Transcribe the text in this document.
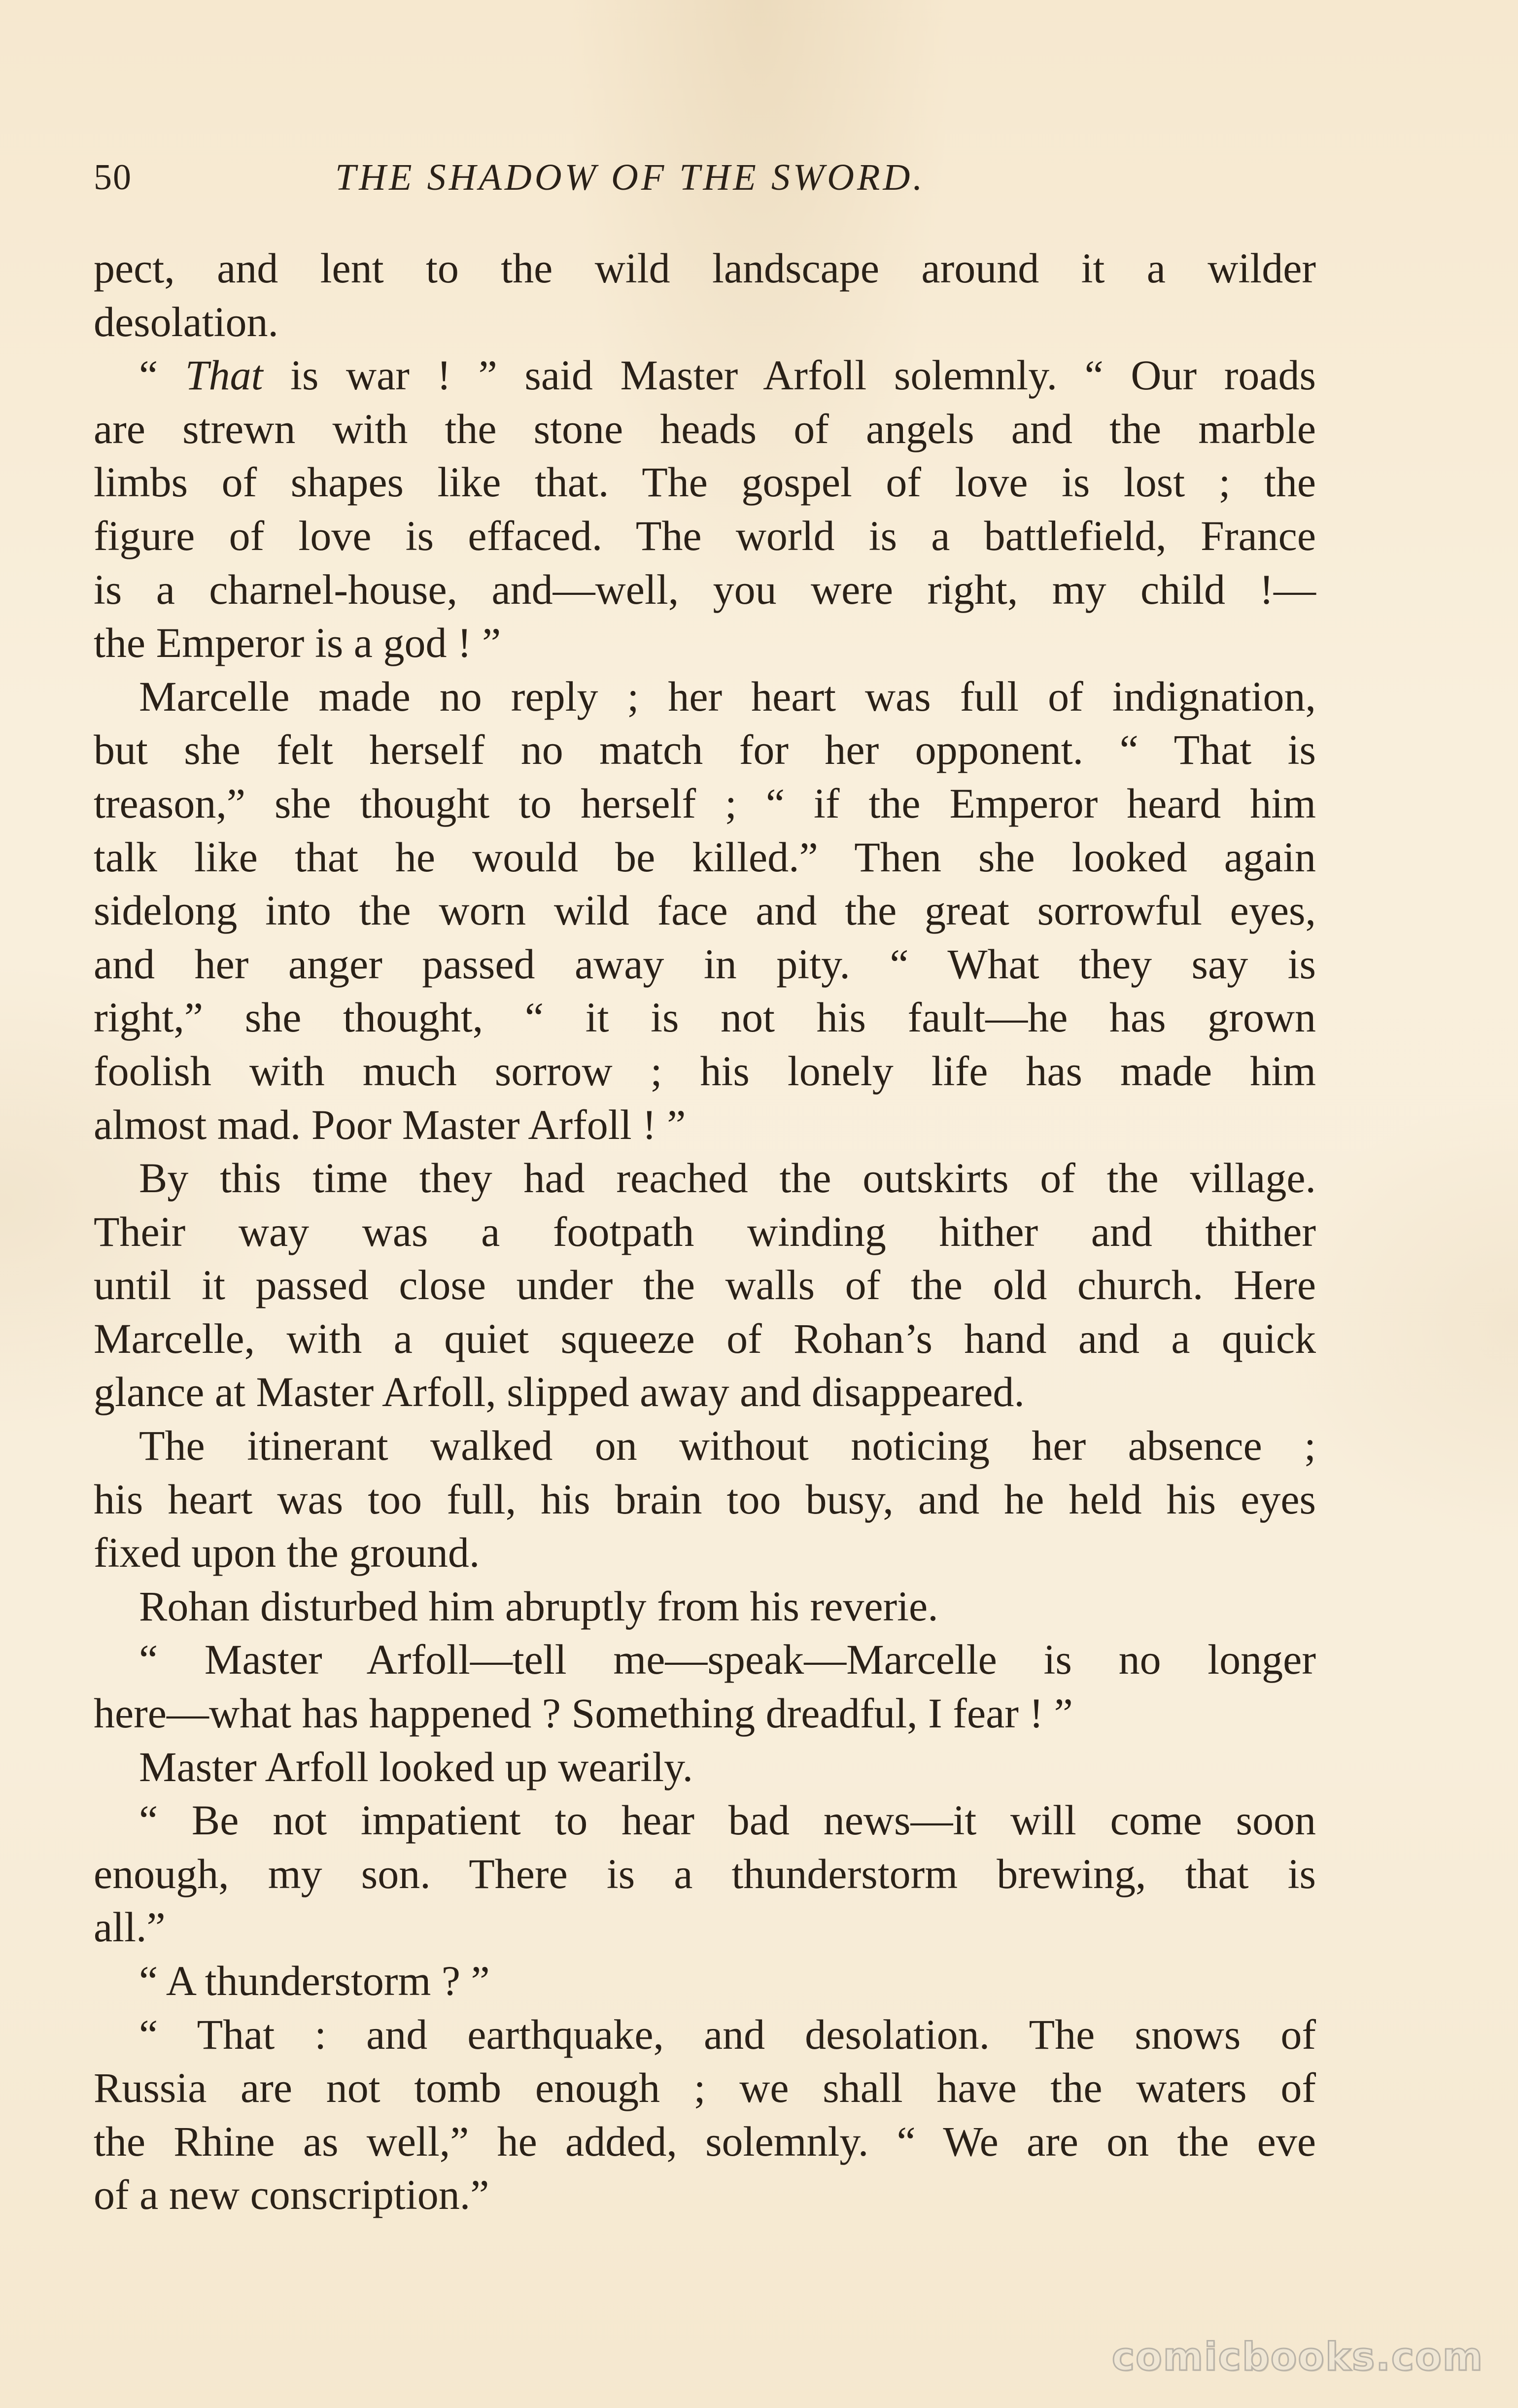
50	THE SHADOW OF THE SWORD.
pect, and lent to the wild landscape around it a wilder
desolation.
“ That is war ! ” said Master Arfoll solemnly. “ Our roads
are strewn with the stone heads of angels and the marble
limbs of shapes like that. The gospel of love is lost ; the
figure of love is effaced. The world is a battlefield, France
is a charnel-house, and—well, you were right, my child !—
the Emperor is a god ! ”
Marcelle made no reply ; her heart was full of indignation,
but she felt herself no match for her opponent. “ That is
treason,” she thought to herself ; “ if the Emperor heard him
talk like that he would be killed.” Then she looked again
sidelong into the worn wild face and the great sorrowful eyes,
and her anger passed away in pity. “ What they say is
right,” she thought, “ it is not his fault—he has grown
foolish with much sorrow ; his lonely life has made him
almost mad. Poor Master Arfoll ! ”
By this time they had reached the outskirts of the village.
Their way was a footpath winding hither and thither
until it passed close under the walls of the old church. Here
Marcelle, with a quiet squeeze of Rohan’s hand and a quick
glance at Master Arfoll, slipped away and disappeared.
The itinerant walked on without noticing her absence ;
his heart was too full, his brain too busy, and he held his eyes
fixed upon the ground.
Rohan disturbed him abruptly from his reverie.
“ Master Arfoll—tell me—speak—Marcelle is no longer
here—what has happened ? Something dreadful, I fear ! ”
Master Arfoll looked up wearily.
“ Be not impatient to hear bad news—it will come soon
enough, my son. There is a thunderstorm brewing, that is
all.”
“ A thunderstorm ? ”
“ That : and earthquake, and desolation. The snows of
Russia are not tomb enough ; we shall have the waters of
the Rhine as well,” he added, solemnly. “ We are on the eve
of a new conscription.”
comicbooks.com
